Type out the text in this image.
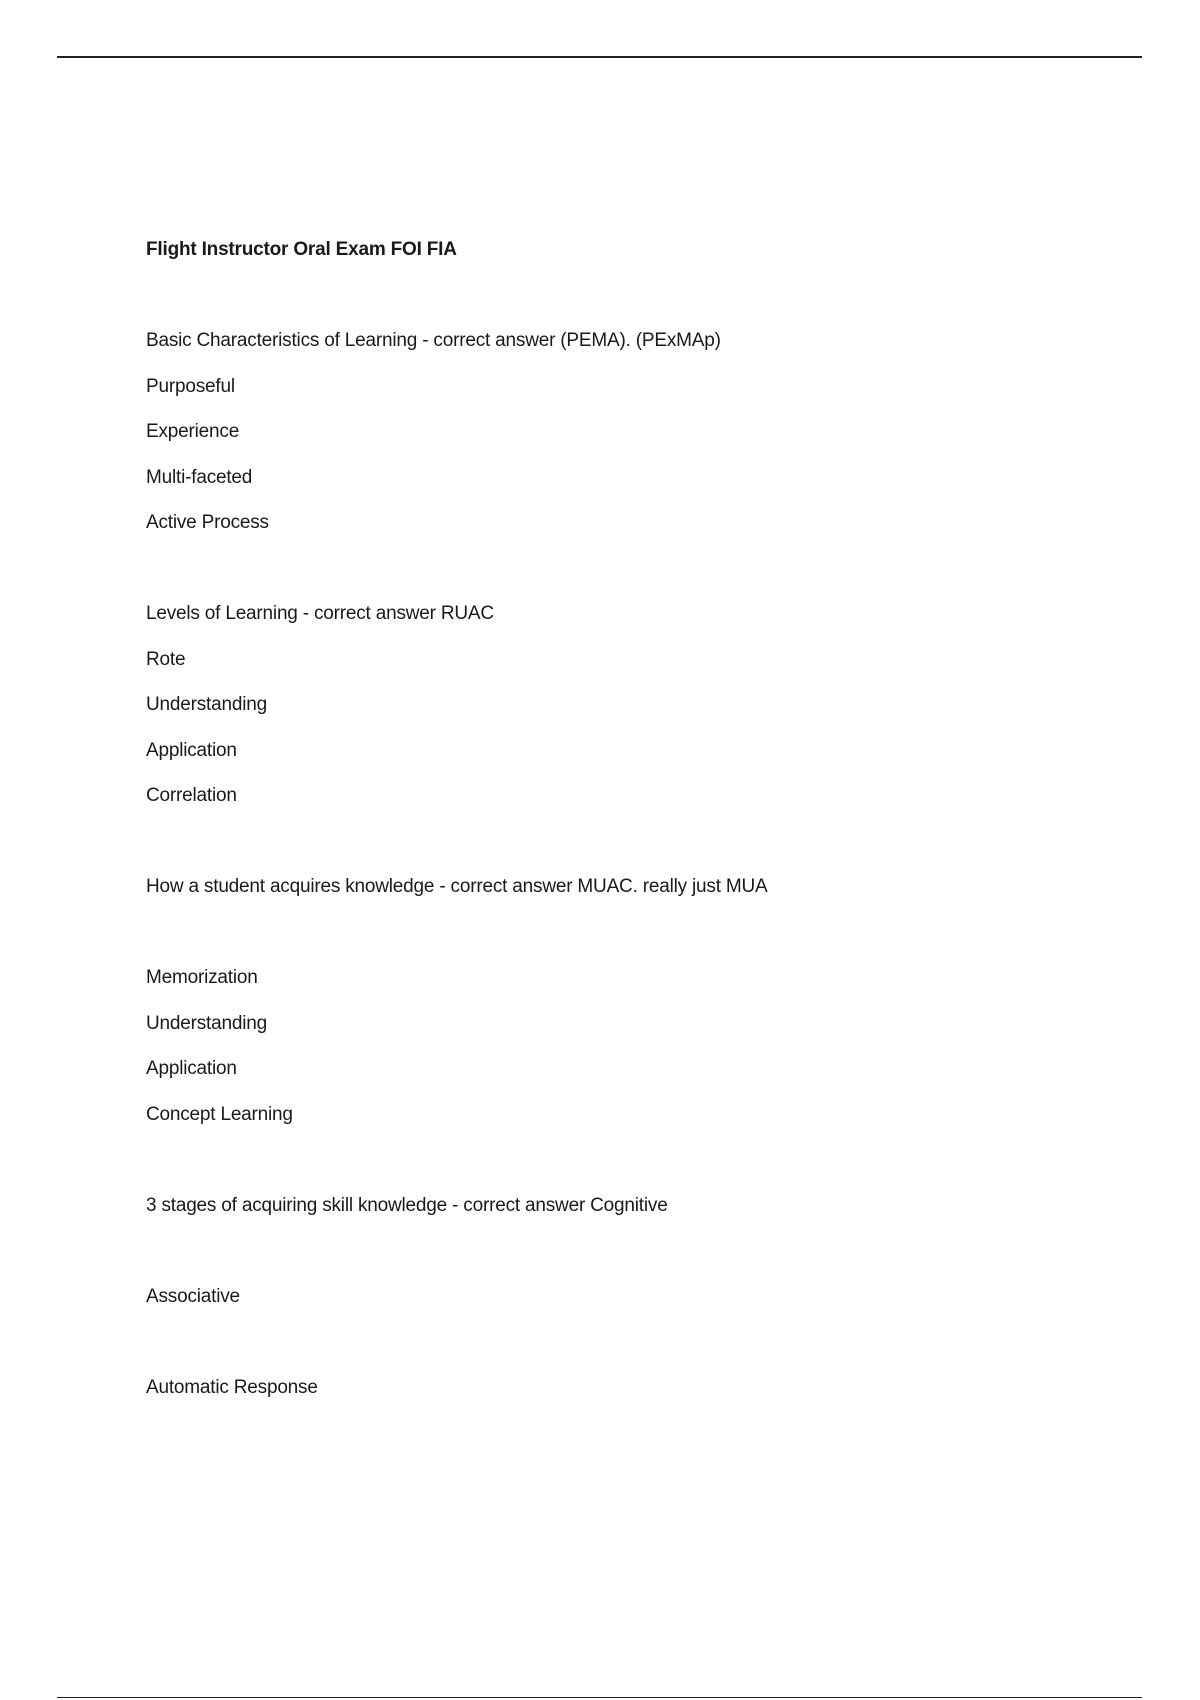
Flight Instructor Oral Exam FOI FIA
Basic Characteristics of Learning - correct answer (PEMA). (PExMAp)
Purposeful
Experience
Multi-faceted
Active Process
Levels of Learning - correct answer RUAC
Rote
Understanding
Application
Correlation
How a student acquires knowledge - correct answer MUAC. really just MUA
Memorization
Understanding
Application
Concept Learning
3 stages of acquiring skill knowledge - correct answer Cognitive
Associative
Automatic Response
